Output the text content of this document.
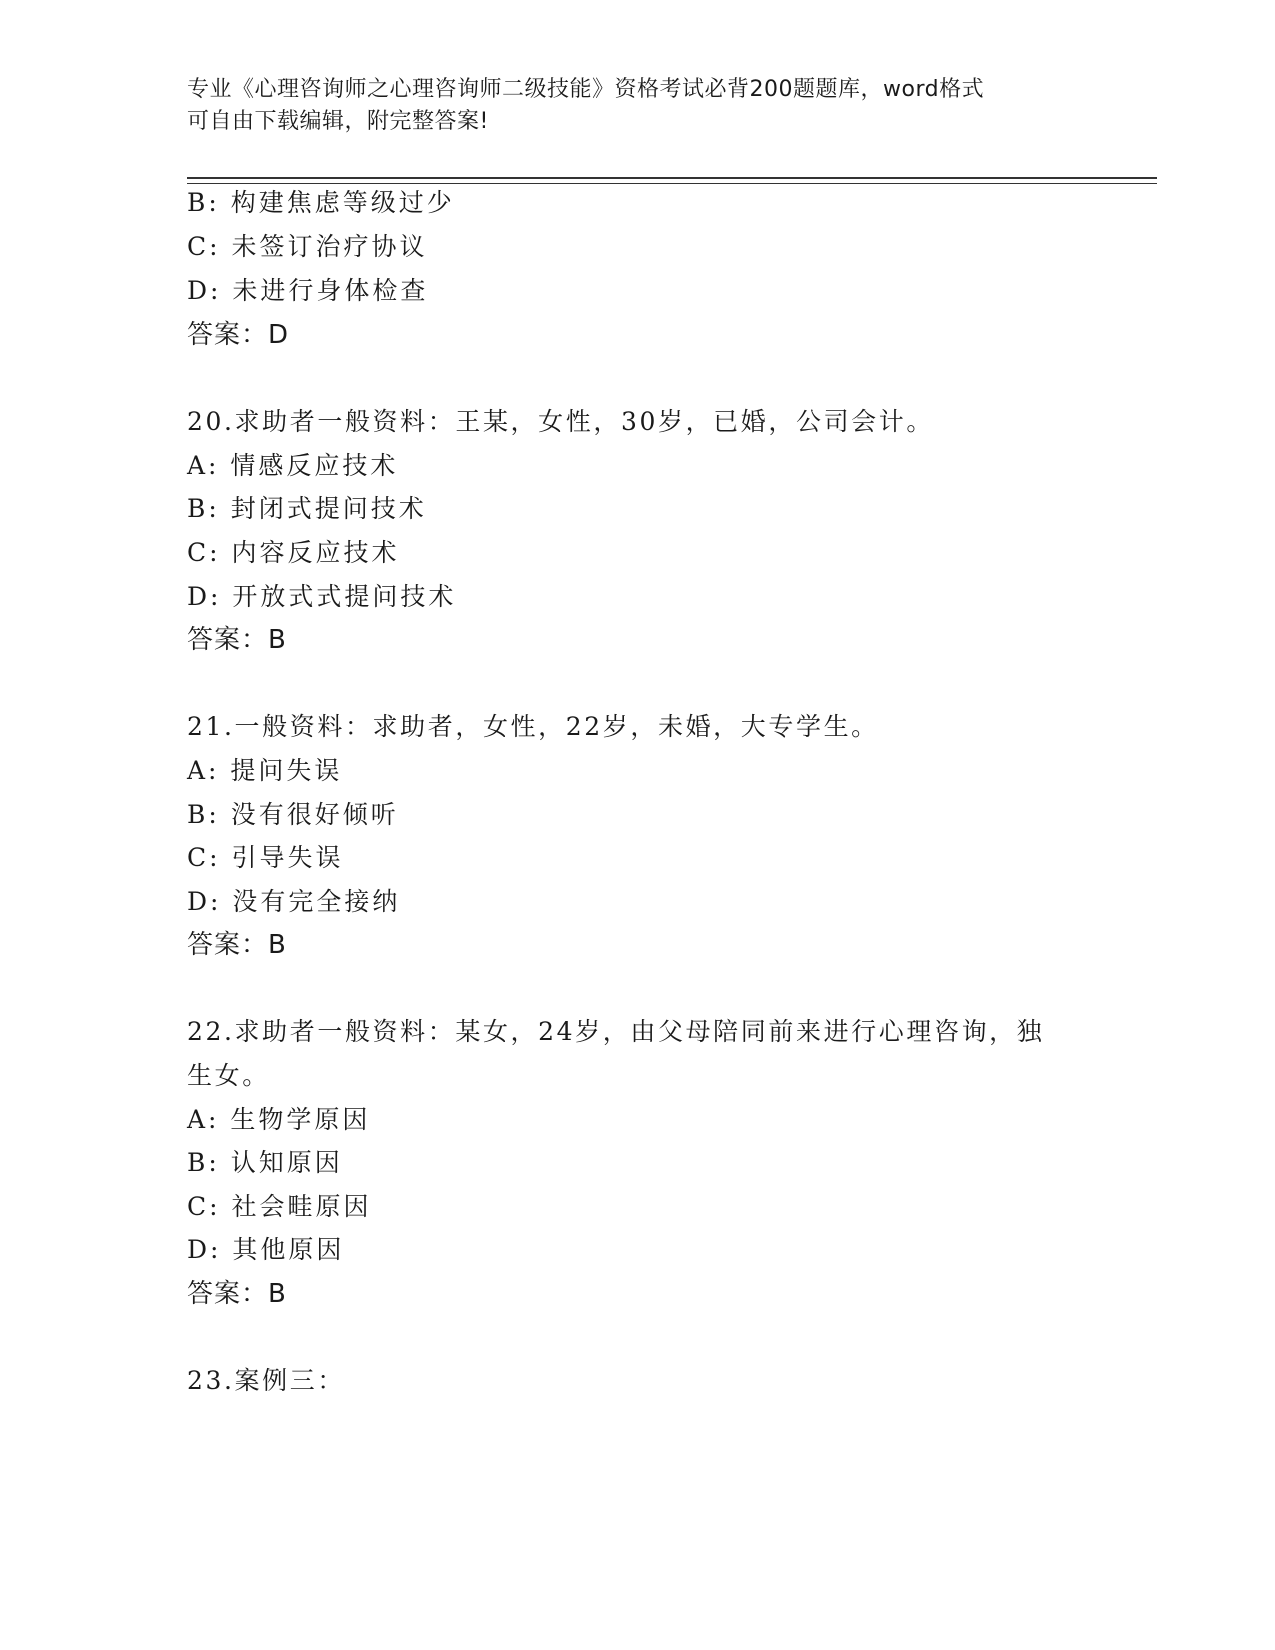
专业《心理咨询师之心理咨询师二级技能》资格考试必背200题题库，word格式
可自由下载编辑，附完整答案!
B: 构建焦虑等级过少
C: 未签订治疗协议
D: 未进行身体检查
答案：D
20.求助者一般资料：王某，女性，30岁，已婚，公司会计。
A: 情感反应技术
B: 封闭式提问技术
C: 内容反应技术
D: 开放式式提问技术
答案：B
21.一般资料：求助者，女性，22岁，未婚，大专学生。
A: 提问失误
B: 没有很好倾听
C: 引导失误
D: 没有完全接纳
答案：B
22.求助者一般资料：某女，24岁，由父母陪同前来进行心理咨询，独
生女。
A: 生物学原因
B: 认知原因
C: 社会畦原因
D: 其他原因
答案：B
23.案例三：
